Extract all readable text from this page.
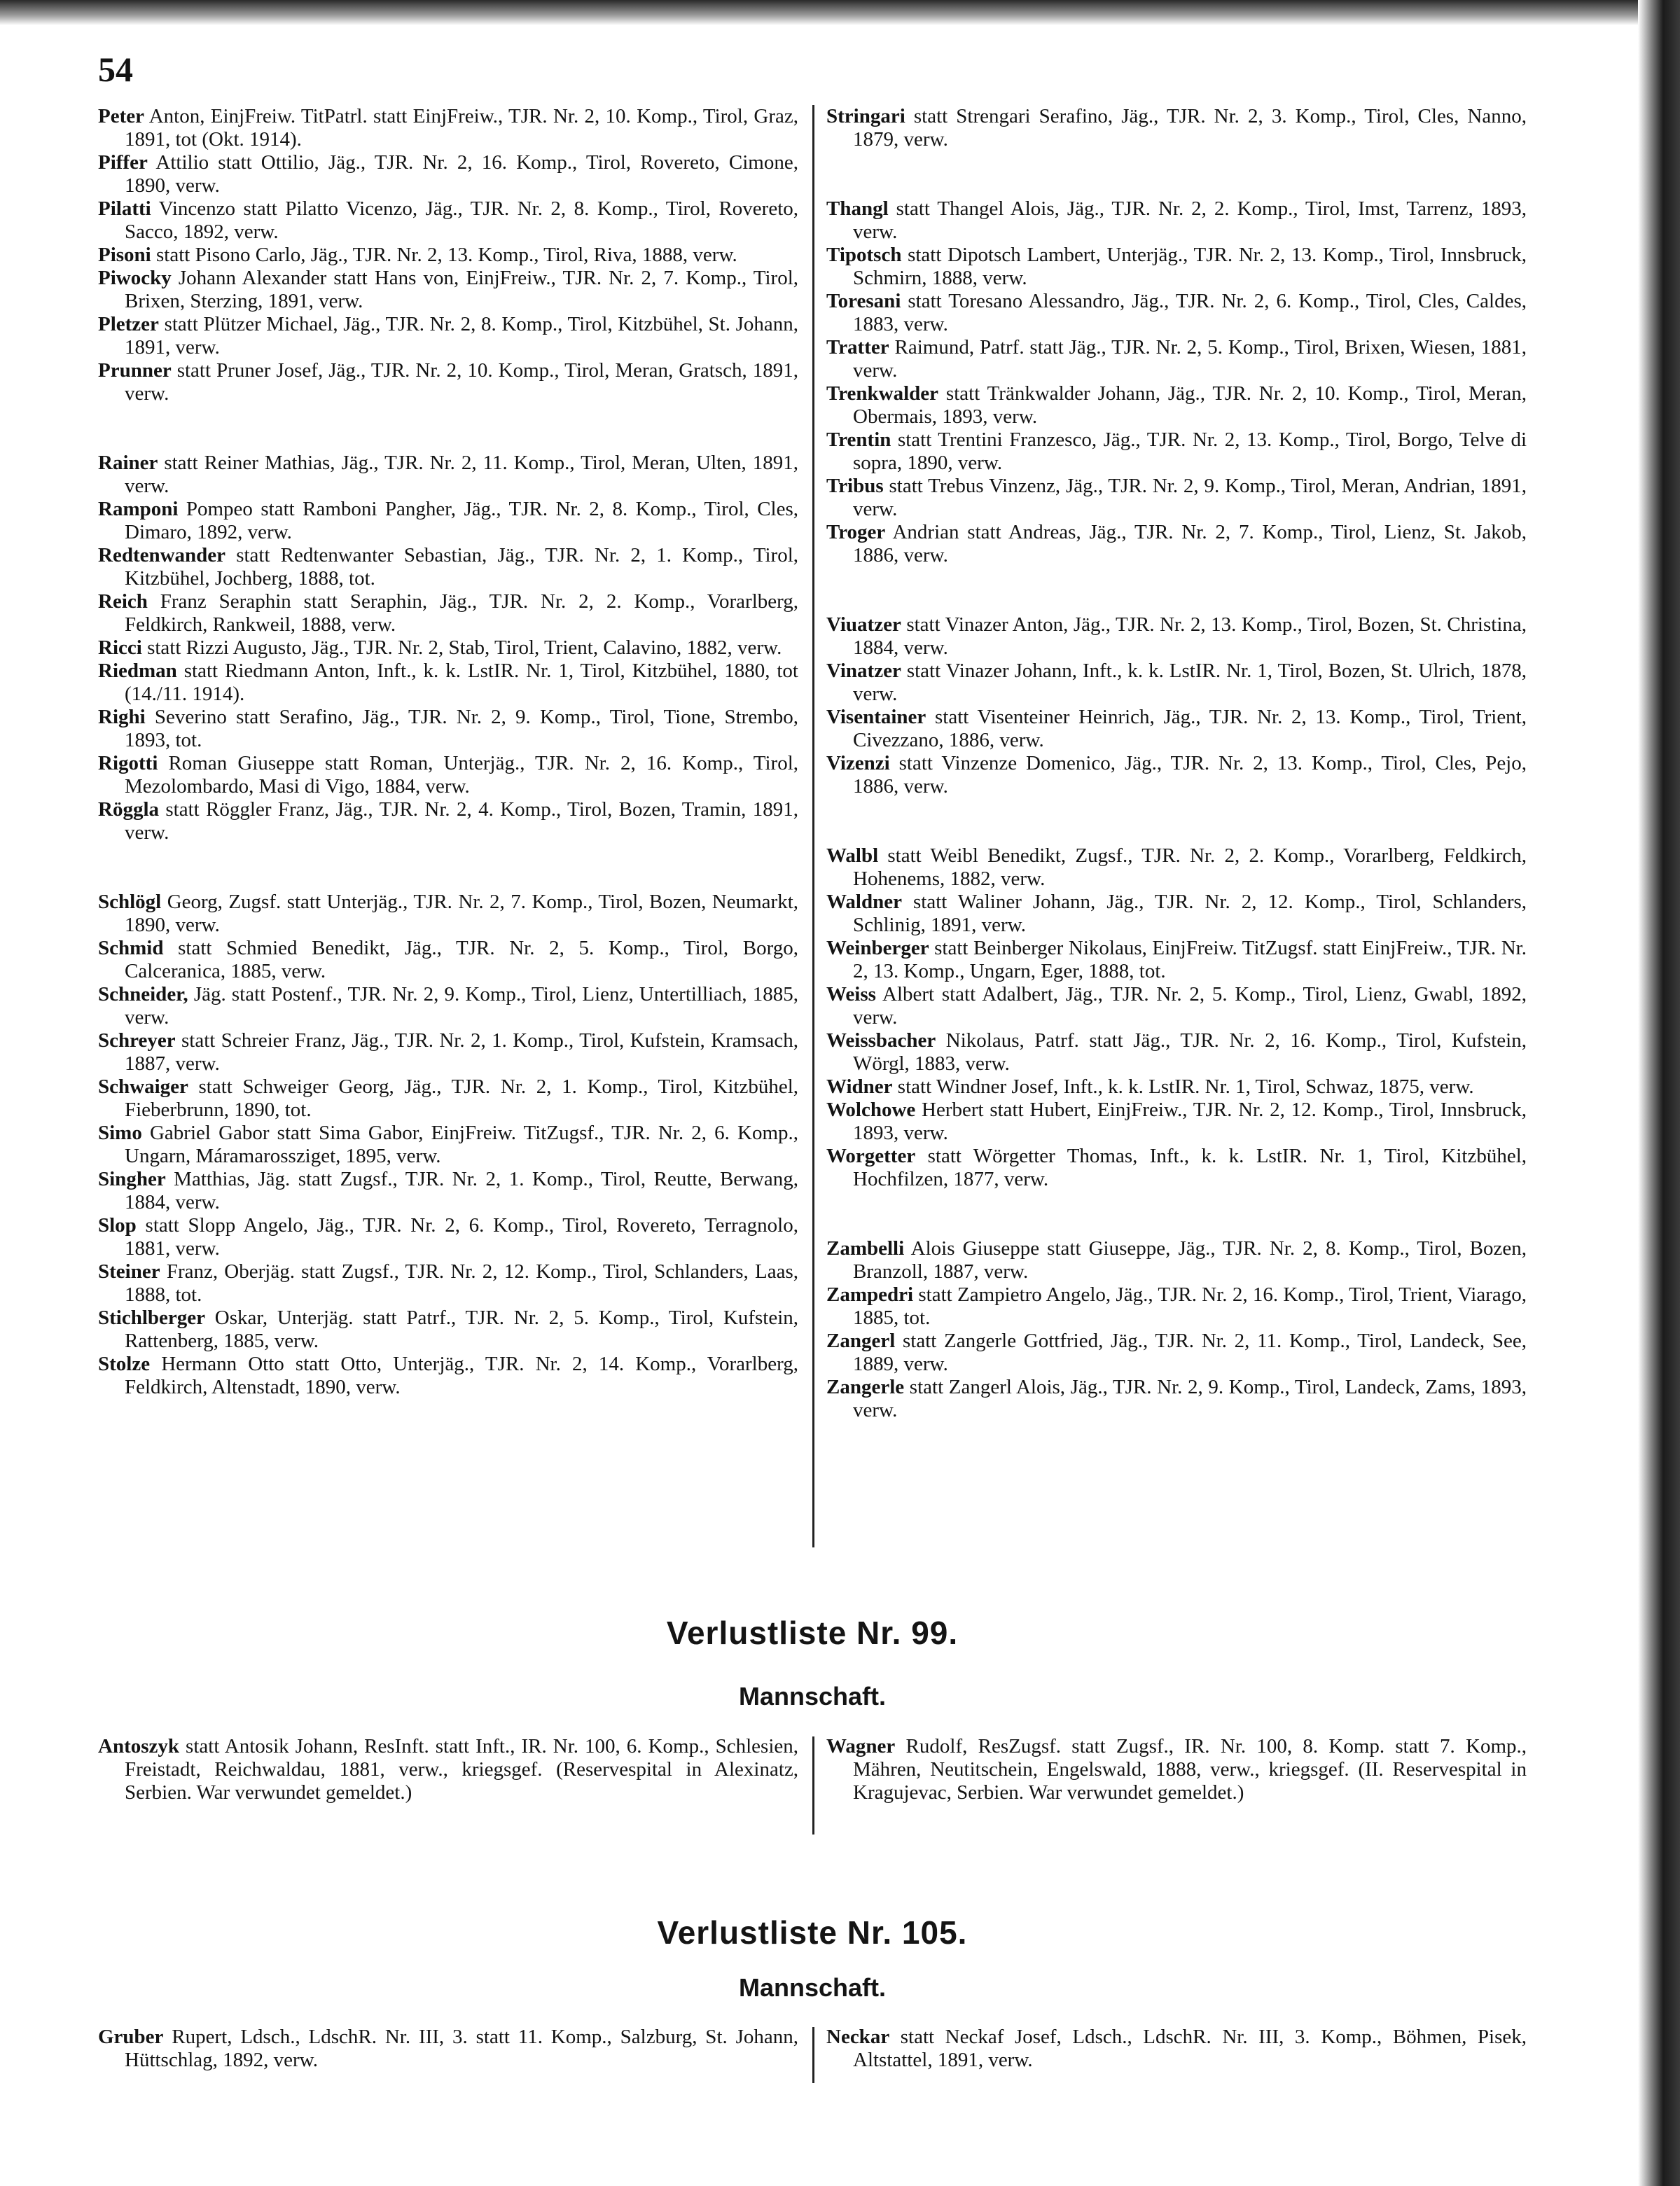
54

Peter Anton, EinjFreiw. TitPatrl. statt EinjFreiw., TJR. Nr. 2, 10. Komp., Tirol, Graz, 1891, tot (Okt. 1914).

Piffer Attilio statt Ottilio, Jäg., TJR. Nr. 2, 16. Komp., Tirol, Rovereto, Cimone, 1890, verw.

Pilatti Vincenzo statt Pilatto Vicenzo, Jäg., TJR. Nr. 2, 8. Komp., Tirol, Rovereto, Sacco, 1892, verw.

Pisoni statt Pisono Carlo, Jäg., TJR. Nr. 2, 13. Komp., Tirol, Riva, 1888, verw.

Piwocky Johann Alexander statt Hans von, EinjFreiw., TJR. Nr. 2, 7. Komp., Tirol, Brixen, Sterzing, 1891, verw.

Pletzer statt Plützer Michael, Jäg., TJR. Nr. 2, 8. Komp., Tirol, Kitzbühel, St. Johann, 1891, verw.

Prunner statt Pruner Josef, Jäg., TJR. Nr. 2, 10. Komp., Tirol, Meran, Gratsch, 1891, verw.

Rainer statt Reiner Mathias, Jäg., TJR. Nr. 2, 11. Komp., Tirol, Meran, Ulten, 1891, verw.

Ramponi Pompeo statt Ramboni Pangher, Jäg., TJR. Nr. 2, 8. Komp., Tirol, Cles, Dimaro, 1892, verw.

Redtenwander statt Redtenwanter Sebastian, Jäg., TJR. Nr. 2, 1. Komp., Tirol, Kitzbühel, Jochberg, 1888, tot.

Reich Franz Seraphin statt Seraphin, Jäg., TJR. Nr. 2, 2. Komp., Vorarlberg, Feldkirch, Rankweil, 1888, verw.

Ricci statt Rizzi Augusto, Jäg., TJR. Nr. 2, Stab, Tirol, Trient, Calavino, 1882, verw.

Riedman statt Riedmann Anton, Inft., k. k. LstIR. Nr. 1, Tirol, Kitzbühel, 1880, tot (14./11. 1914).

Righi Severino statt Serafino, Jäg., TJR. Nr. 2, 9. Komp., Tirol, Tione, Strembo, 1893, tot.

Rigotti Roman Giuseppe statt Roman, Unterjäg., TJR. Nr. 2, 16. Komp., Tirol, Mezolombardo, Masi di Vigo, 1884, verw.

Röggla statt Röggler Franz, Jäg., TJR. Nr. 2, 4. Komp., Tirol, Bozen, Tramin, 1891, verw.

Schlögl Georg, Zugsf. statt Unterjäg., TJR. Nr. 2, 7. Komp., Tirol, Bozen, Neumarkt, 1890, verw.

Schmid statt Schmied Benedikt, Jäg., TJR. Nr. 2, 5. Komp., Tirol, Borgo, Calceranica, 1885, verw.

Schneider, Jäg. statt Postenf., TJR. Nr. 2, 9. Komp., Tirol, Lienz, Untertilliach, 1885, verw.

Schreyer statt Schreier Franz, Jäg., TJR. Nr. 2, 1. Komp., Tirol, Kufstein, Kramsach, 1887, verw.

Schwaiger statt Schweiger Georg, Jäg., TJR. Nr. 2, 1. Komp., Tirol, Kitzbühel, Fieberbrunn, 1890, tot.

Simo Gabriel Gabor statt Sima Gabor, EinjFreiw. TitZugsf., TJR. Nr. 2, 6. Komp., Ungarn, Máramarossziget, 1895, verw.

Singher Matthias, Jäg. statt Zugsf., TJR. Nr. 2, 1. Komp., Tirol, Reutte, Berwang, 1884, verw.

Slop statt Slopp Angelo, Jäg., TJR. Nr. 2, 6. Komp., Tirol, Rovereto, Terragnolo, 1881, verw.

Steiner Franz, Oberjäg. statt Zugsf., TJR. Nr. 2, 12. Komp., Tirol, Schlanders, Laas, 1888, tot.

Stichlberger Oskar, Unterjäg. statt Patrf., TJR. Nr. 2, 5. Komp., Tirol, Kufstein, Rattenberg, 1885, verw.

Stolze Hermann Otto statt Otto, Unterjäg., TJR. Nr. 2, 14. Komp., Vorarlberg, Feldkirch, Altenstadt, 1890, verw.

Stringari statt Strengari Serafino, Jäg., TJR. Nr. 2, 3. Komp., Tirol, Cles, Nanno, 1879, verw.

Thangl statt Thangel Alois, Jäg., TJR. Nr. 2, 2. Komp., Tirol, Imst, Tarrenz, 1893, verw.

Tipotsch statt Dipotsch Lambert, Unterjäg., TJR. Nr. 2, 13. Komp., Tirol, Innsbruck, Schmirn, 1888, verw.

Toresani statt Toresano Alessandro, Jäg., TJR. Nr. 2, 6. Komp., Tirol, Cles, Caldes, 1883, verw.

Tratter Raimund, Patrf. statt Jäg., TJR. Nr. 2, 5. Komp., Tirol, Brixen, Wiesen, 1881, verw.

Trenkwalder statt Tränkwalder Johann, Jäg., TJR. Nr. 2, 10. Komp., Tirol, Meran, Obermais, 1893, verw.

Trentin statt Trentini Franzesco, Jäg., TJR. Nr. 2, 13. Komp., Tirol, Borgo, Telve di sopra, 1890, verw.

Tribus statt Trebus Vinzenz, Jäg., TJR. Nr. 2, 9. Komp., Tirol, Meran, Andrian, 1891, verw.

Troger Andrian statt Andreas, Jäg., TJR. Nr. 2, 7. Komp., Tirol, Lienz, St. Jakob, 1886, verw.

Viuatzer statt Vinazer Anton, Jäg., TJR. Nr. 2, 13. Komp., Tirol, Bozen, St. Christina, 1884, verw.

Vinatzer statt Vinazer Johann, Inft., k. k. LstIR. Nr. 1, Tirol, Bozen, St. Ulrich, 1878, verw.

Visentainer statt Visenteiner Heinrich, Jäg., TJR. Nr. 2, 13. Komp., Tirol, Trient, Civezzano, 1886, verw.

Vizenzi statt Vinzenze Domenico, Jäg., TJR. Nr. 2, 13. Komp., Tirol, Cles, Pejo, 1886, verw.

Walbl statt Weibl Benedikt, Zugsf., TJR. Nr. 2, 2. Komp., Vorarlberg, Feldkirch, Hohenems, 1882, verw.

Waldner statt Waliner Johann, Jäg., TJR. Nr. 2, 12. Komp., Tirol, Schlanders, Schlinig, 1891, verw.

Weinberger statt Beinberger Nikolaus, EinjFreiw. TitZugsf. statt EinjFreiw., TJR. Nr. 2, 13. Komp., Ungarn, Eger, 1888, tot.

Weiss Albert statt Adalbert, Jäg., TJR. Nr. 2, 5. Komp., Tirol, Lienz, Gwabl, 1892, verw.

Weissbacher Nikolaus, Patrf. statt Jäg., TJR. Nr. 2, 16. Komp., Tirol, Kufstein, Wörgl, 1883, verw.

Widner statt Windner Josef, Inft., k. k. LstIR. Nr. 1, Tirol, Schwaz, 1875, verw.

Wolchowe Herbert statt Hubert, EinjFreiw., TJR. Nr. 2, 12. Komp., Tirol, Innsbruck, 1893, verw.

Worgetter statt Wörgetter Thomas, Inft., k. k. LstIR. Nr. 1, Tirol, Kitzbühel, Hochfilzen, 1877, verw.

Zambelli Alois Giuseppe statt Giuseppe, Jäg., TJR. Nr. 2, 8. Komp., Tirol, Bozen, Branzoll, 1887, verw.

Zampedri statt Zampietro Angelo, Jäg., TJR. Nr. 2, 16. Komp., Tirol, Trient, Viarago, 1885, tot.

Zangerl statt Zangerle Gottfried, Jäg., TJR. Nr. 2, 11. Komp., Tirol, Landeck, See, 1889, verw.

Zangerle statt Zangerl Alois, Jäg., TJR. Nr. 2, 9. Komp., Tirol, Landeck, Zams, 1893, verw.

Verlustliste Nr. 99.
Mannschaft.

Antoszyk statt Antosik Johann, ResInft. statt Inft., IR. Nr. 100, 6. Komp., Schlesien, Freistadt, Reichwaldau, 1881, verw., kriegsgef. (Reservespital in Alexinatz, Serbien. War verwundet gemeldet.)

Wagner Rudolf, ResZugsf. statt Zugsf., IR. Nr. 100, 8. Komp. statt 7. Komp., Mähren, Neutitschein, Engelswald, 1888, verw., kriegsgef. (II. Reservespital in Kragujevac, Serbien. War verwundet gemeldet.)

Verlustliste Nr. 105.
Mannschaft.

Gruber Rupert, Ldsch., LdschR. Nr. III, 3. statt 11. Komp., Salzburg, St. Johann, Hüttschlag, 1892, verw.

Neckar statt Neckaf Josef, Ldsch., LdschR. Nr. III, 3. Komp., Böhmen, Pisek, Altstattel, 1891, verw.
